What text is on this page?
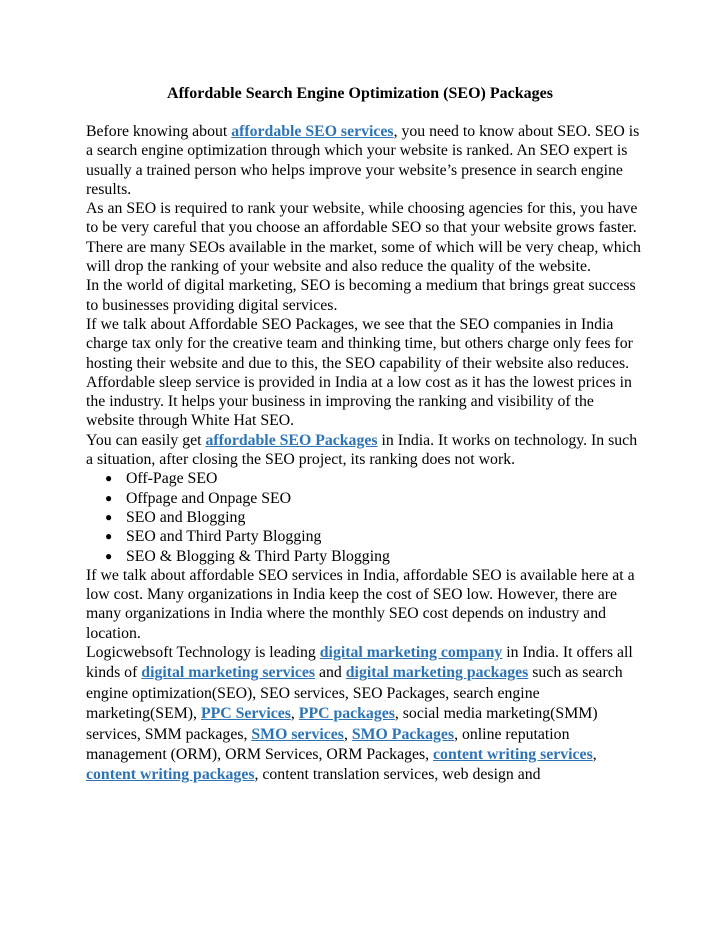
Affordable Search Engine Optimization (SEO) Packages

Before knowing about affordable SEO services, you need to know about SEO. SEO is a search engine optimization through which your website is ranked. An SEO expert is usually a trained person who helps improve your website’s presence in search engine results.

As an SEO is required to rank your website, while choosing agencies for this, you have to be very careful that you choose an affordable SEO so that your website grows faster. There are many SEOs available in the market, some of which will be very cheap, which will drop the ranking of your website and also reduce the quality of the website.

In the world of digital marketing, SEO is becoming a medium that brings great success to businesses providing digital services.

If we talk about Affordable SEO Packages, we see that the SEO companies in India charge tax only for the creative team and thinking time, but others charge only fees for hosting their website and due to this, the SEO capability of their website also reduces.

Affordable sleep service is provided in India at a low cost as it has the lowest prices in the industry. It helps your business in improving the ranking and visibility of the website through White Hat SEO.

You can easily get affordable SEO Packages in India. It works on technology. In such a situation, after closing the SEO project, its ranking does not work.

● Off-Page SEO
● Offpage and Onpage SEO
● SEO and Blogging
● SEO and Third Party Blogging
● SEO & Blogging & Third Party Blogging

If we talk about affordable SEO services in India, affordable SEO is available here at a low cost. Many organizations in India keep the cost of SEO low. However, there are many organizations in India where the monthly SEO cost depends on industry and location.

Logicwebsoft Technology is leading digital marketing company in India. It offers all kinds of digital marketing services and digital marketing packages such as search engine optimization(SEO), SEO services, SEO Packages, search engine marketing(SEM), PPC Services, PPC packages, social media marketing(SMM) services, SMM packages, SMO services, SMO Packages, online reputation management (ORM), ORM Services, ORM Packages, content writing services, content writing packages, content translation services, web design and
